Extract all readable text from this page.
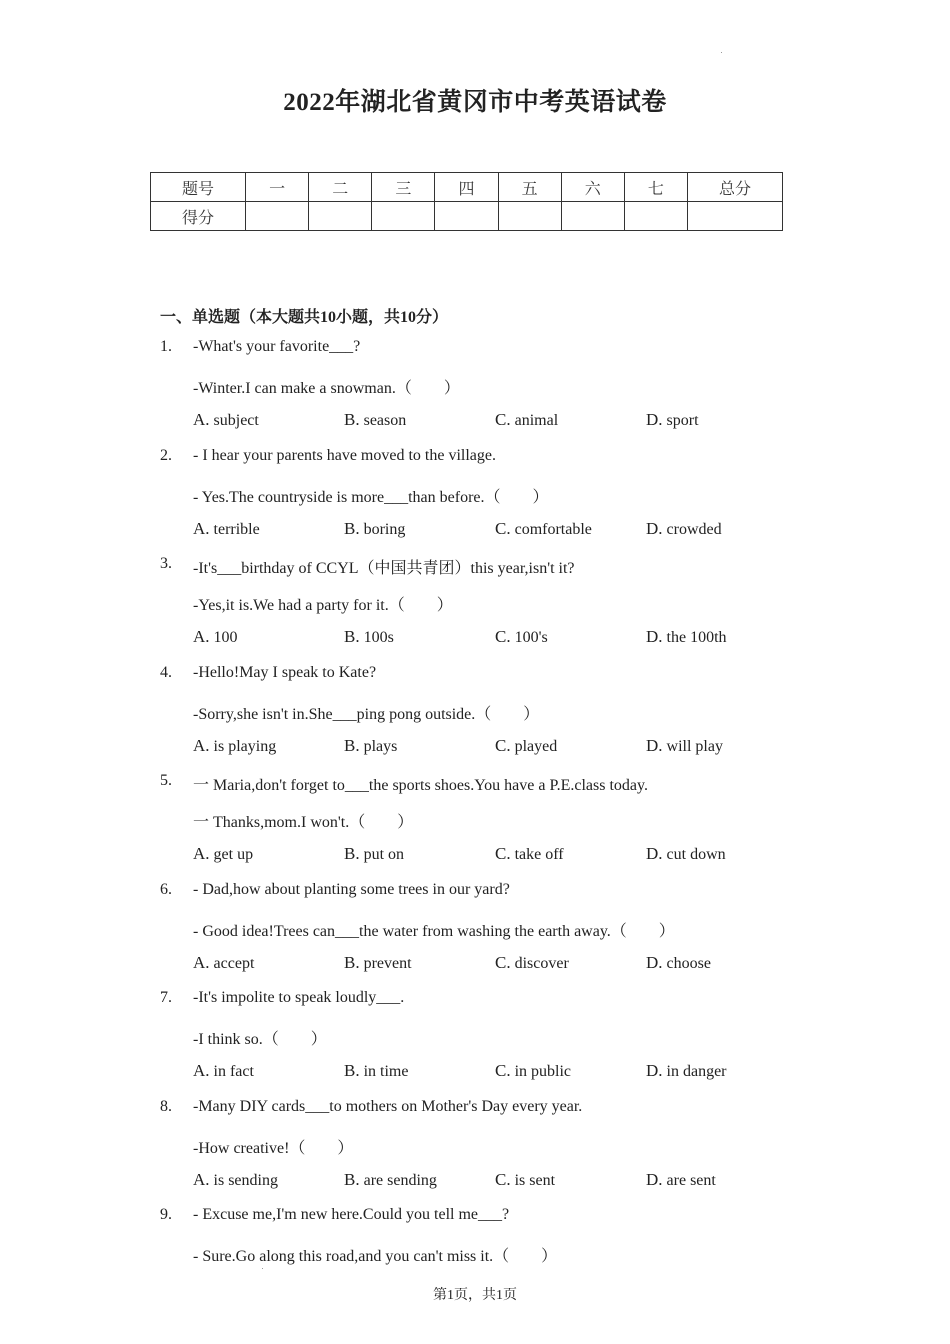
2022年湖北省黄冈市中考英语试卷
题号	一	二	三	四	五	六	七	总分
得分								
一、单选题（本大题共10小题，共10分）
1. -What's your favorite___?
-Winter.I can make a snowman.（　　）
A. subject	B. season	C. animal	D. sport
2. - I hear your parents have moved to the village.
- Yes.The countryside is more___than before.（　　）
A. terrible	B. boring	C. comfortable	D. crowded
3. -It's___birthday of CCYL（中国共青团）this year,isn't it?
-Yes,it is.We had a party for it.（　　）
A. 100	B. 100s	C. 100's	D. the 100th
4. -Hello!May I speak to Kate?
-Sorry,she isn't in.She___ping pong outside.（　　）
A. is playing	B. plays	C. played	D. will play
5. 一 Maria,don't forget to___the sports shoes.You have a P.E.class today.
一 Thanks,mom.I won't.（　　）
A. get up	B. put on	C. take off	D. cut down
6. - Dad,how about planting some trees in our yard?
- Good idea!Trees can___the water from washing the earth away.（　　）
A. accept	B. prevent	C. discover	D. choose
7. -It's impolite to speak loudly___.
-I think so.（　　）
A. in fact	B. in time	C. in public	D. in danger
8. -Many DIY cards___to mothers on Mother's Day every year.
-How creative!（　　）
A. is sending	B. are sending	C. is sent	D. are sent
9. - Excuse me,I'm new here.Could you tell me___?
- Sure.Go along this road,and you can't miss it.（　　）
第1页，共1页
